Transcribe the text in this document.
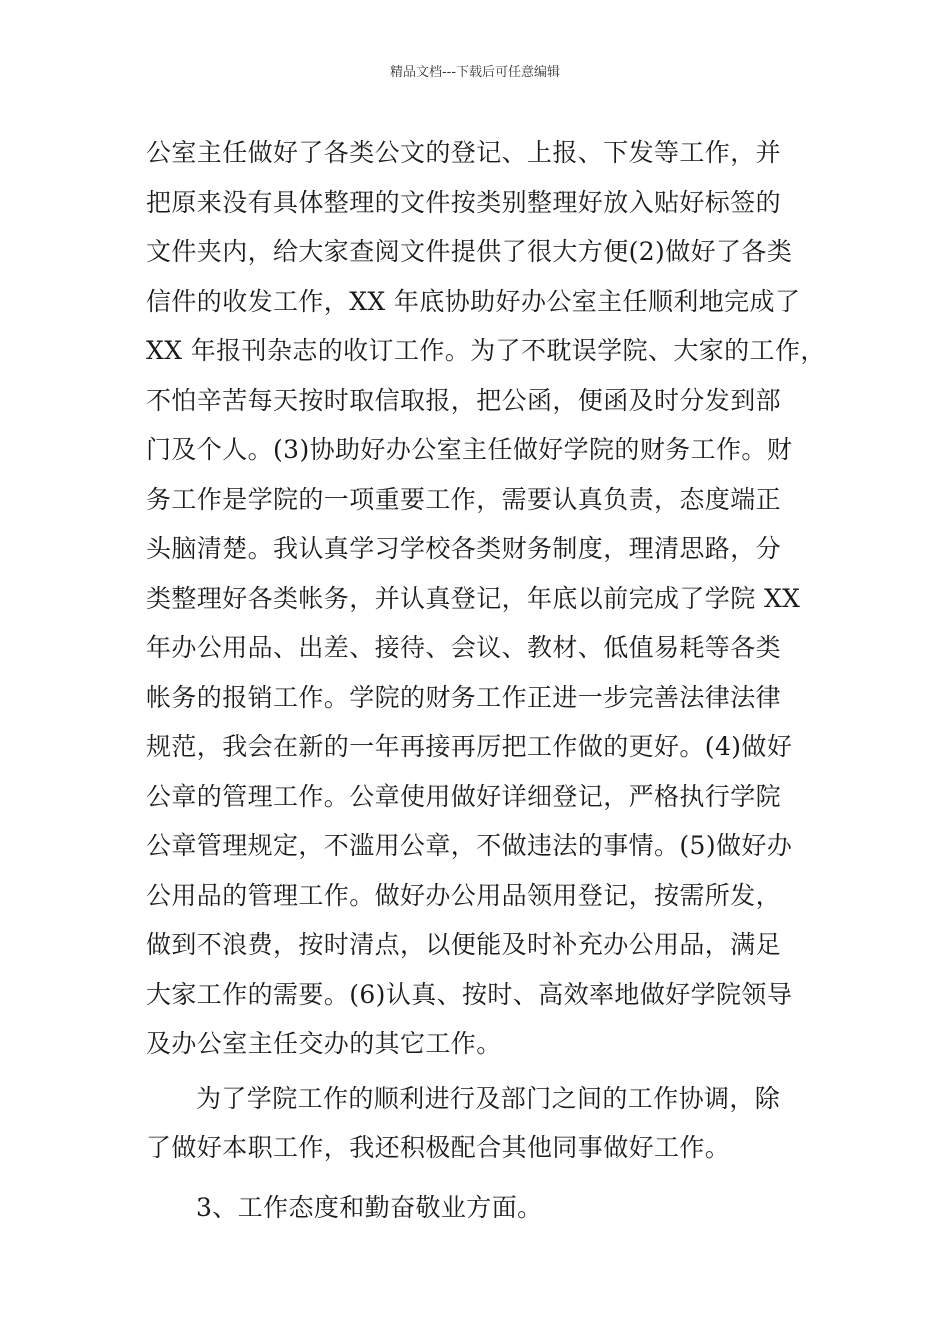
精品文档---下载后可任意编辑
公室主任做好了各类公文的登记、上报、下发等工作，并
把原来没有具体整理的文件按类别整理好放入贴好标签的
文件夹内，给大家查阅文件提供了很大方便(2)做好了各类
信件的收发工作，XX 年底协助好办公室主任顺利地完成了
XX 年报刊杂志的收订工作。为了不耽误学院、大家的工作，
不怕辛苦每天按时取信取报，把公函，便函及时分发到部
门及个人。(3)协助好办公室主任做好学院的财务工作。财
务工作是学院的一项重要工作，需要认真负责，态度端正
头脑清楚。我认真学习学校各类财务制度，理清思路，分
类整理好各类帐务，并认真登记，年底以前完成了学院 XX
年办公用品、出差、接待、会议、教材、低值易耗等各类
帐务的报销工作。学院的财务工作正进一步完善法律法律
规范，我会在新的一年再接再厉把工作做的更好。(4)做好
公章的管理工作。公章使用做好详细登记，严格执行学院
公章管理规定，不滥用公章，不做违法的事情。(5)做好办
公用品的管理工作。做好办公用品领用登记，按需所发，
做到不浪费，按时清点，以便能及时补充办公用品，满足
大家工作的需要。(6)认真、按时、高效率地做好学院领导
及办公室主任交办的其它工作。
为了学院工作的顺利进行及部门之间的工作协调，除
了做好本职工作，我还积极配合其他同事做好工作。
3、工作态度和勤奋敬业方面。
